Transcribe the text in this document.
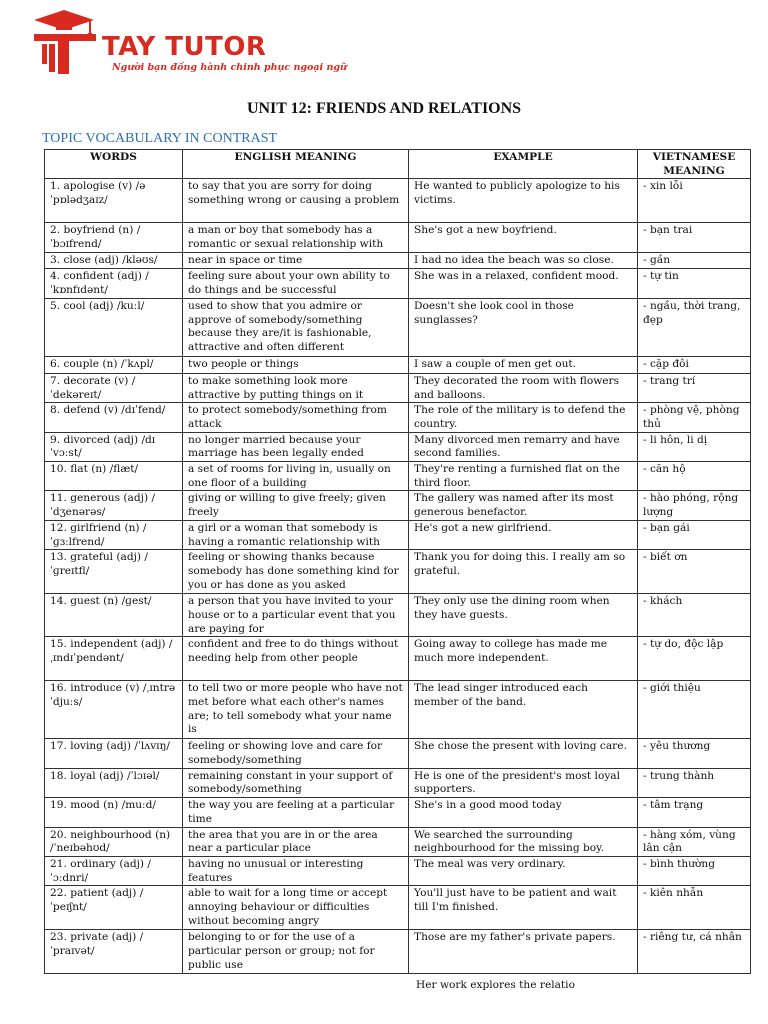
TAY TUTOR
Người bạn đồng hành chinh phục ngoại ngữ
UNIT 12: FRIENDS AND RELATIONS
TOPIC VOCABULARY IN CONTRAST
WORDS	ENGLISH MEANING	EXAMPLE	VIETNAMESE MEANING
1. apologise (v) /əˈpɒlədʒaɪz/	to say that you are sorry for doing something wrong or causing a problem	He wanted to publicly apologize to his victims.	- xin lỗi
2. boyfriend (n) /ˈbɔɪfrend/	a man or boy that somebody has a romantic or sexual relationship with	She's got a new boyfriend.	- bạn trai
3. close (adj) /kləʊs/	near in space or time	I had no idea the beach was so close.	- gần
4. confident (adj) /ˈkɒnfɪdənt/	feeling sure about your own ability to do things and be successful	She was in a relaxed, confident mood.	- tự tin
5. cool (adj) /kuːl/	used to show that you admire or approve of somebody/something because they are/it is fashionable, attractive and often different	Doesn't she look cool in those sunglasses?	- ngầu, thời trang, đẹp
6. couple (n) /ˈkʌpl/	two people or things	I saw a couple of men get out.	- cặp đôi
7. decorate (v) /ˈdekəreɪt/	to make something look more attractive by putting things on it	They decorated the room with flowers and balloons.	- trang trí
8. defend (v) /dɪˈfend/	to protect somebody/something from attack	The role of the military is to defend the country.	- phòng vệ, phòng thủ
9. divorced (adj) /dɪˈvɔːst/	no longer married because your marriage has been legally ended	Many divorced men remarry and have second families.	- li hôn, li dị
10. flat (n) /flæt/	a set of rooms for living in, usually on one floor of a building	They're renting a furnished flat on the third floor.	- căn hộ
11. generous (adj) /ˈdʒenərəs/	giving or willing to give freely; given freely	The gallery was named after its most generous benefactor.	- hào phóng, rộng lượng
12. girlfriend (n) /ˈɡɜːlfrend/	a girl or a woman that somebody is having a romantic relationship with	He's got a new girlfriend.	- bạn gái
13. grateful (adj) /ˈɡreɪtfl/	feeling or showing thanks because somebody has done something kind for you or has done as you asked	Thank you for doing this. I really am so grateful.	- biết ơn
14. guest (n) /ɡest/	a person that you have invited to your house or to a particular event that you are paying for	They only use the dining room when they have guests.	- khách
15. independent (adj) /ˌɪndɪˈpendənt/	confident and free to do things without needing help from other people	Going away to college has made me much more independent.	- tự do, độc lập
16. introduce (v) /ˌɪntrəˈdjuːs/	to tell two or more people who have not met before what each other's names are; to tell somebody what your name is	The lead singer introduced each member of the band.	- giới thiệu
17. loving (adj) /ˈlʌvɪŋ/	feeling or showing love and care for somebody/something	She chose the present with loving care.	- yêu thương
18. loyal (adj) /ˈlɔɪəl/	remaining constant in your support of somebody/something	He is one of the president's most loyal supporters.	- trung thành
19. mood (n) /muːd/	the way you are feeling at a particular time	She's in a good mood today	- tâm trạng
20. neighbourhood (n) /ˈneɪbəhʊd/	the area that you are in or the area near a particular place	We searched the surrounding neighbourhood for the missing boy.	- hàng xóm, vùng lân cận
21. ordinary (adj) /ˈɔːdnri/	having no unusual or interesting features	The meal was very ordinary.	- bình thường
22. patient (adj) /ˈpeɪʃnt/	able to wait for a long time or accept annoying behaviour or difficulties without becoming angry	You'll just have to be patient and wait till I'm finished.	- kiên nhẫn
23. private (adj) /ˈpraɪvət/	belonging to or for the use of a particular person or group; not for public use	Those are my father's private papers.	- riêng tư, cá nhân
Her work explores the relatio
